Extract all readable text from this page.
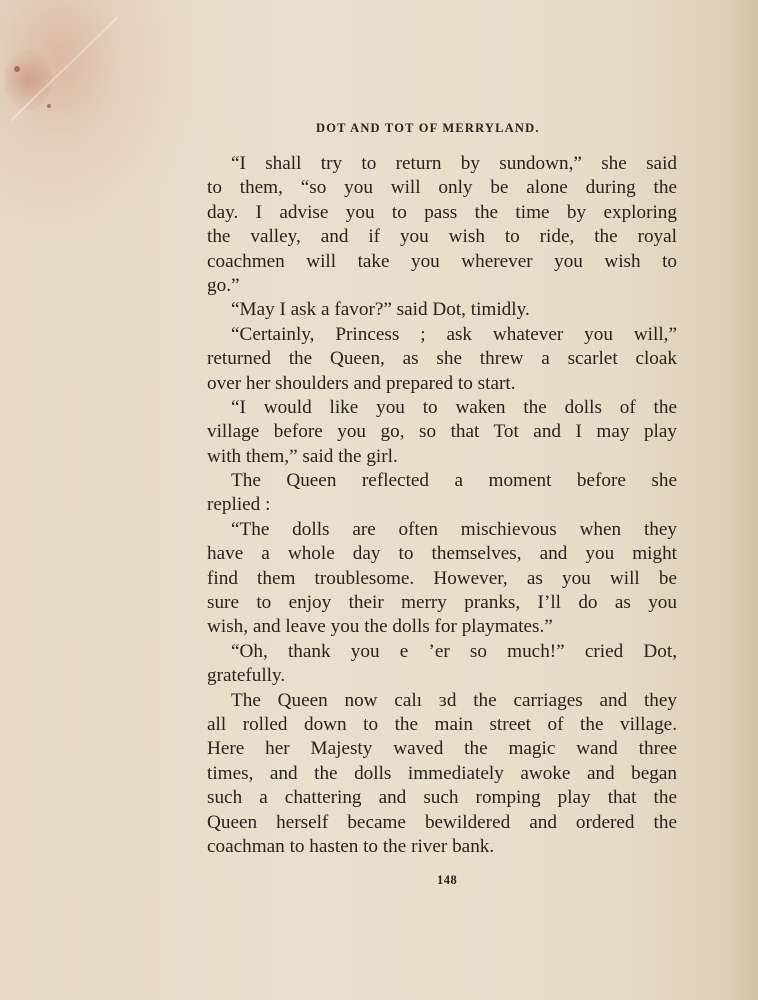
DOT AND TOT OF MERRYLAND.
“I shall try to return by sundown,” she said
to them, “so you will only be alone during the
day. I advise you to pass the time by exploring
the valley, and if you wish to ride, the royal
coachmen will take you wherever you wish to
go.”
“May I ask a favor?” said Dot, timidly.
“Certainly, Princess ; ask whatever you will,”
returned the Queen, as she threw a scarlet cloak
over her shoulders and prepared to start.
“I would like you to waken the dolls of the
village before you go, so that Tot and I may play
with them,” said the girl.
The Queen reflected a moment before she
replied :
“The dolls are often mischievous when they
have a whole day to themselves, and you might
find them troublesome. However, as you will be
sure to enjoy their merry pranks, I’ll do as you
wish, and leave you the dolls for playmates.”
“Oh, thank you e ’er so much!” cried Dot,
gratefully.
The Queen now calı ɜd the carriages and they
all rolled down to the main street of the village.
Here her Majesty waved the magic wand three
times, and the dolls immediately awoke and began
such a chattering and such romping play that the
Queen herself became bewildered and ordered the
coachman to hasten to the river bank.
148
